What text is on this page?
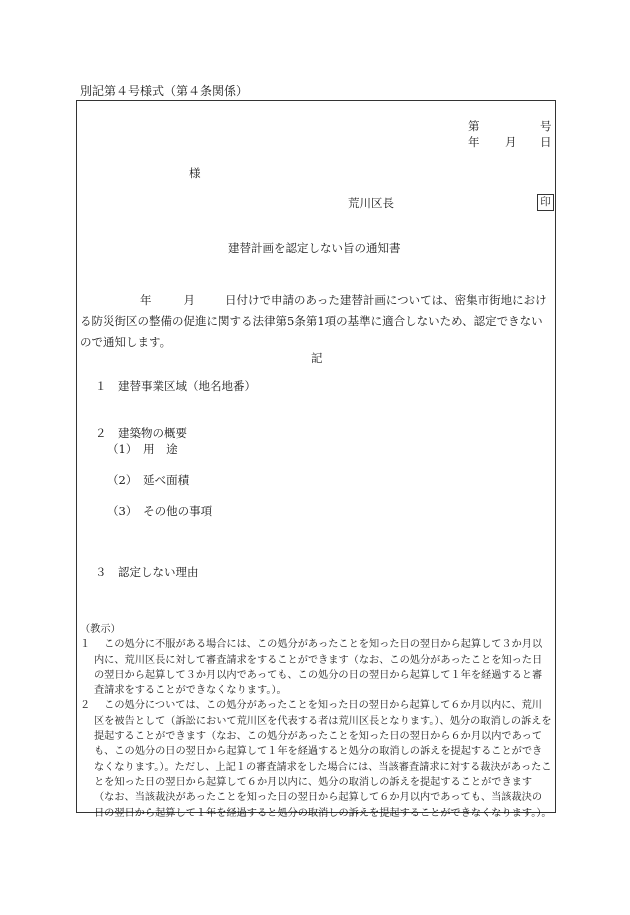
別記第４号様式（第４条関係）
第	号
年 月 日
様
荒川区長	印
建替計画を認定しない旨の通知書
年	月	日付けで申請のあった建替計画については、密集市街地における防災街区の整備の促進に関する法律第5条第1項の基準に適合しないため、認定できないので通知します。
記
１　建替事業区域（地名地番）
２　建築物の概要
（1）　用　途
（2）　延べ面積
（3）　その他の事項
３　認定しない理由
（教示）
１ 　この処分に不服がある場合には、この処分があったことを知った日の翌日から起算して３か月以内に、荒川区長に対して審査請求をすることができます（なお、この処分があったことを知った日の翌日から起算して３か月以内であっても、この処分の日の翌日から起算して１年を経過すると審査請求をすることができなくなります。）。
２ 　この処分については、この処分があったことを知った日の翌日から起算して６か月以内に、荒川区を被告として（訴訟において荒川区を代表する者は荒川区長となります。）、処分の取消しの訴えを提起することができます（なお、この処分があったことを知った日の翌日から６か月以内であっても、この処分の日の翌日から起算して１年を経過すると処分の取消しの訴えを提起することができなくなります。）。ただし、上記１の審査請求をした場合には、当該審査請求に対する裁決があったことを知った日の翌日から起算して６か月以内に、処分の取消しの訴えを提起することができます（なお、当該裁決があったことを知った日の翌日から起算して６か月以内であっても、当該裁決の日の翌日から起算して１年を経過すると処分の取消しの訴えを提起することができなくなります。）。
